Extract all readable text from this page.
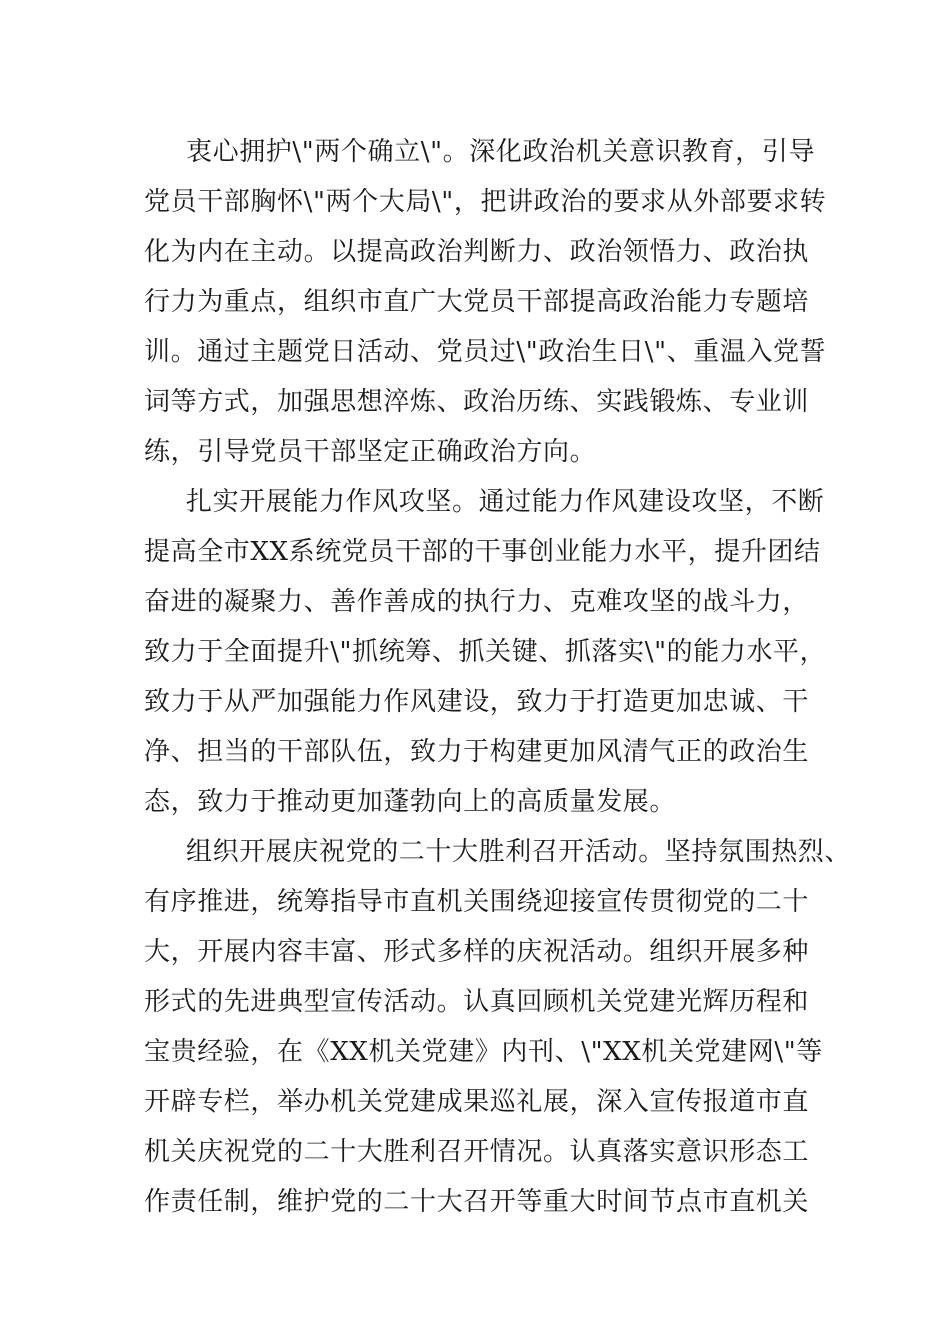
衷心拥护\"两个确立\"。深化政治机关意识教育，引导
党员干部胸怀\"两个大局\"，把讲政治的要求从外部要求转
化为内在主动。以提高政治判断力、政治领悟力、政治执
行力为重点，组织市直广大党员干部提高政治能力专题培
训。通过主题党日活动、党员过\"政治生日\"、重温入党誓
词等方式，加强思想淬炼、政治历练、实践锻炼、专业训
练，引导党员干部坚定正确政治方向。
扎实开展能力作风攻坚。通过能力作风建设攻坚，不断
提高全市XX系统党员干部的干事创业能力水平，提升团结
奋进的凝聚力、善作善成的执行力、克难攻坚的战斗力，
致力于全面提升\"抓统筹、抓关键、抓落实\"的能力水平，
致力于从严加强能力作风建设，致力于打造更加忠诚、干
净、担当的干部队伍，致力于构建更加风清气正的政治生
态，致力于推动更加蓬勃向上的高质量发展。
组织开展庆祝党的二十大胜利召开活动。坚持氛围热烈、
有序推进，统筹指导市直机关围绕迎接宣传贯彻党的二十
大，开展内容丰富、形式多样的庆祝活动。组织开展多种
形式的先进典型宣传活动。认真回顾机关党建光辉历程和
宝贵经验，在《XX机关党建》内刊、\"XX机关党建网\"等
开辟专栏，举办机关党建成果巡礼展，深入宣传报道市直
机关庆祝党的二十大胜利召开情况。认真落实意识形态工
作责任制，维护党的二十大召开等重大时间节点市直机关
